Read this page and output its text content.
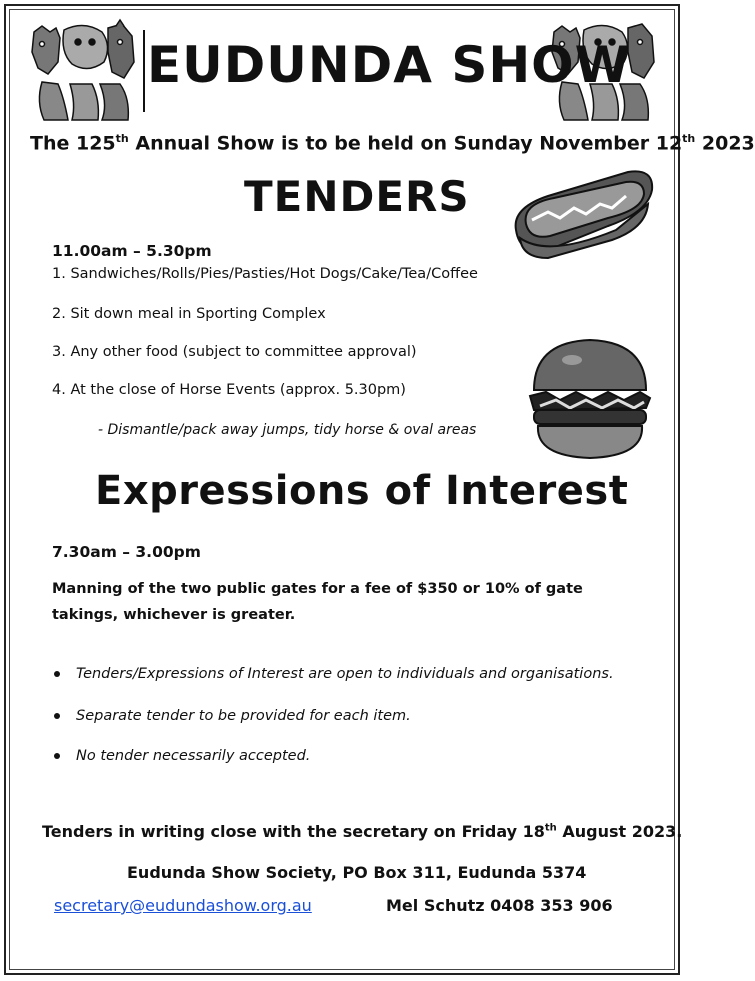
EUDUNDA SHOW
The 125th Annual Show is to be held on Sunday November 12th 2023
TENDERS
11.00am – 5.30pm
1. Sandwiches/Rolls/Pies/Pasties/Hot Dogs/Cake/Tea/Coffee
2. Sit down meal in Sporting Complex
3. Any other food (subject to committee approval)
4. At the close of Horse Events (approx. 5.30pm)
- Dismantle/pack away jumps, tidy horse & oval areas
Expressions of Interest
7.30am – 3.00pm
Manning of the two public gates for a fee of $350 or 10% of gate takings, whichever is greater.
Tenders/Expressions of Interest are open to individuals and organisations.
Separate tender to be provided for each item.
No tender necessarily accepted.
Tenders in writing close with the secretary on Friday 18th August 2023.
Eudunda Show Society, PO Box 311, Eudunda 5374
secretary@eudundashow.org.au	Mel Schutz 0408 353 906
